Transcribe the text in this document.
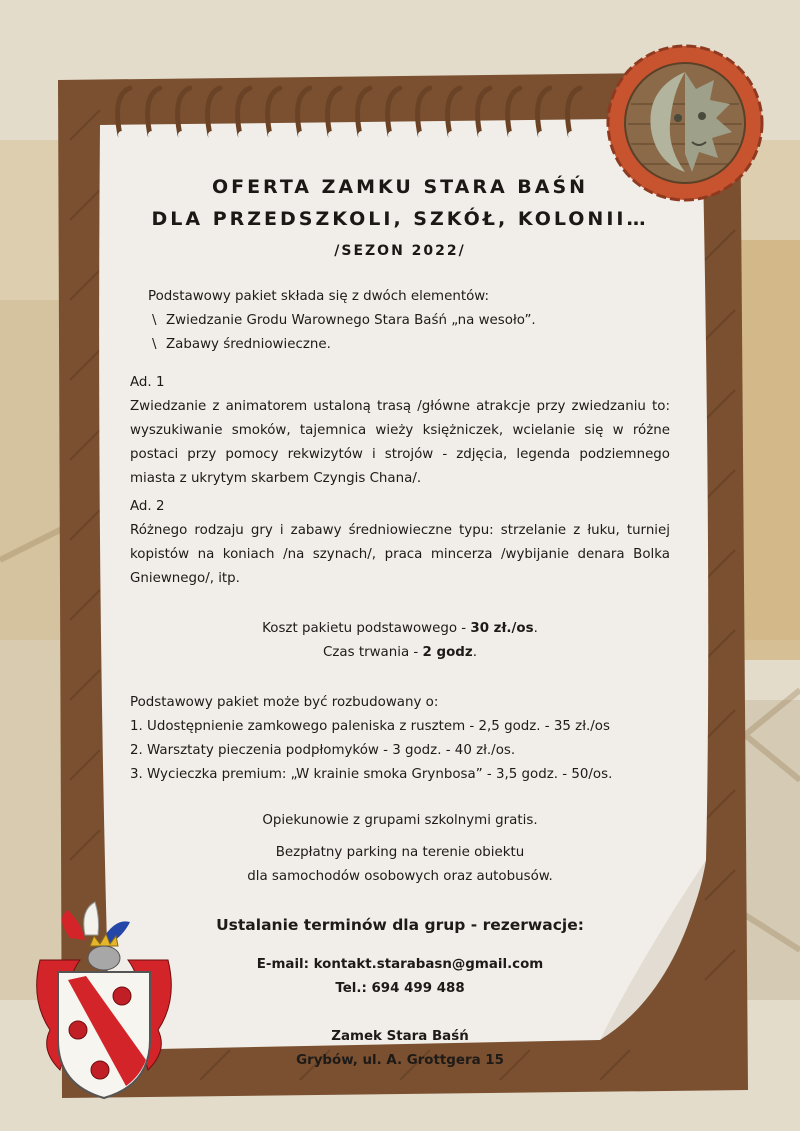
OFERTA ZAMKU STARA BAŚŃ
DLA PRZEDSZKOLI, SZKÓŁ, KOLONII…
/SEZON 2022/
Podstawowy pakiet składa się z dwóch elementów:
\ Zwiedzanie Grodu Warownego Stara Baśń „na wesoło”.
\ Zabawy średniowieczne.
Ad. 1
Zwiedzanie z animatorem ustaloną trasą /główne atrakcje przy zwiedzaniu to: wyszukiwanie smoków, tajemnica wieży księżniczek, wcielanie się w różne postaci przy pomocy rekwizytów i strojów - zdjęcia, legenda podziemnego miasta z ukrytym skarbem Czyngis Chana/.
Ad. 2
Różnego rodzaju gry i zabawy średniowieczne typu: strzelanie z łuku, turniej kopistów na koniach /na szynach/, praca mincerza /wybijanie denara Bolka Gniewnego/, itp.
Koszt pakietu podstawowego - 30 zł./os.
Czas trwania - 2 godz.
Podstawowy pakiet może być rozbudowany o:
1. Udostępnienie zamkowego paleniska z rusztem - 2,5 godz. - 35 zł./os
2. Warsztaty pieczenia podpłomyków - 3 godz. - 40 zł./os.
3. Wycieczka premium: „W krainie smoka Grynbosa” - 3,5 godz. - 50/os.
Opiekunowie z grupami szkolnymi gratis.
Bezpłatny parking na terenie obiektu
dla samochodów osobowych oraz autobusów.
Ustalanie terminów dla grup - rezerwacje:
E-mail: kontakt.starabasn@gmail.com
Tel.: 694 499 488
Zamek Stara Baśń
Grybów, ul. A. Grottgera 15
